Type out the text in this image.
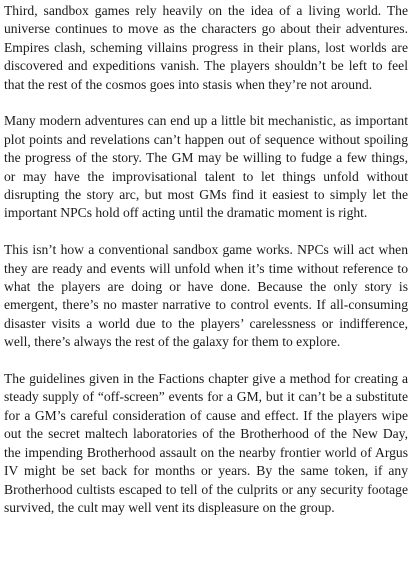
Third, sandbox games rely heavily on the idea of a living world. The universe continues to move as the characters go about their adventures. Empires clash, scheming villains progress in their plans, lost worlds are discovered and expeditions vanish. The players shouldn’t be left to feel that the rest of the cosmos goes into stasis when they’re not around.

Many modern adventures can end up a little bit mechanistic, as important plot points and revelations can’t happen out of sequence without spoiling the progress of the story. The GM may be willing to fudge a few things, or may have the improvisational talent to let things unfold without disrupting the story arc, but most GMs find it easiest to simply let the important NPCs hold off acting until the dramatic moment is right.

This isn’t how a conventional sandbox game works. NPCs will act when they are ready and events will unfold when it’s time without reference to what the players are doing or have done. Because the only story is emergent, there’s no master narrative to control events. If all-consuming disaster visits a world due to the players’ carelessness or indifference, well, there’s always the rest of the galaxy for them to explore.

The guidelines given in the Factions chapter give a method for creating a steady supply of “off-screen” events for a GM, but it can’t be a substitute for a GM’s careful consideration of cause and effect. If the players wipe out the secret maltech laboratories of the Brotherhood of the New Day, the impending Brotherhood assault on the nearby frontier world of Argus IV might be set back for months or years. By the same token, if any Brotherhood cultists escaped to tell of the culprits or any security footage survived, the cult may well vent its displeasure on the group.
